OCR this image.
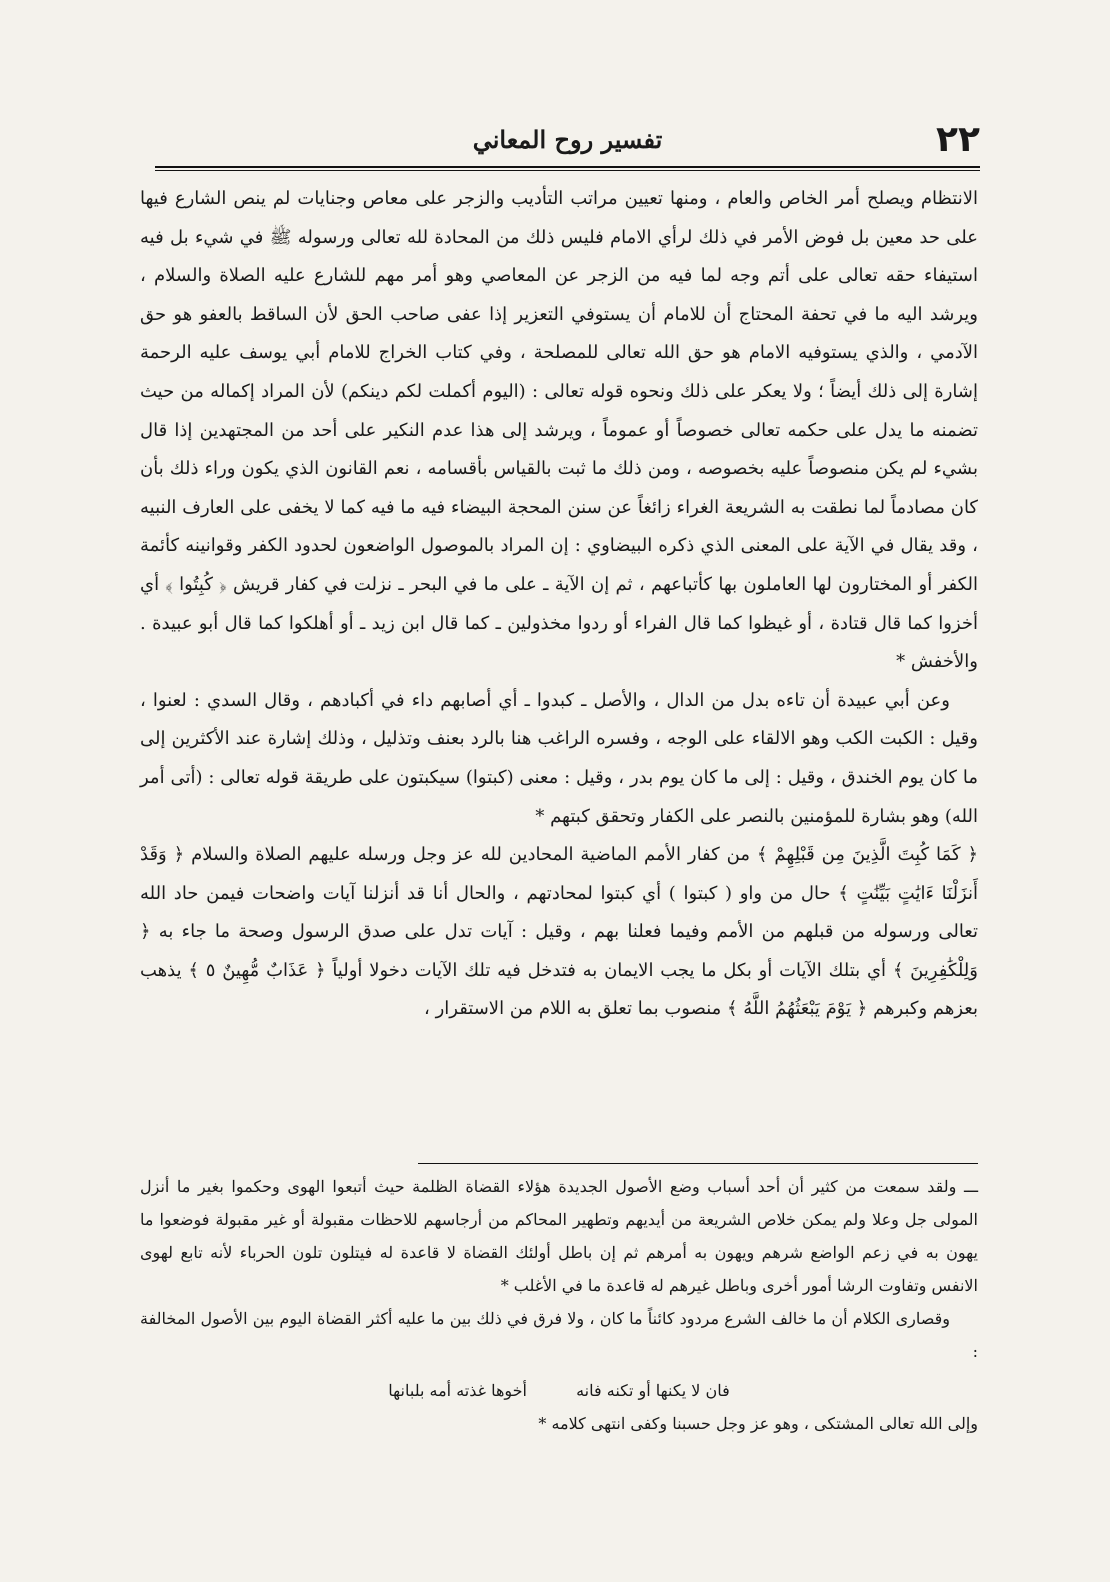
٢٢
تفسير روح المعاني

الانتظام ويصلح أمر الخاص والعام ، ومنها تعيين مراتب التأديب والزجر على معاص وجنايات لم ينص الشارع فيها على حد معين بل فوض الأمر في ذلك لرأي الامام فليس ذلك من المحادة لله تعالى ورسوله ﷺ في شيء بل فيه استيفاء حقه تعالى على أتم وجه لما فيه من الزجر عن المعاصي وهو أمر مهم للشارع عليه الصلاة والسلام ، ويرشد اليه ما في تحفة المحتاج أن للامام أن يستوفي التعزير إذا عفى صاحب الحق لأن الساقط بالعفو هو حق الآدمي ، والذي يستوفيه الامام هو حق الله تعالى للمصلحة ، وفي كتاب الخراج للامام أبي يوسف عليه الرحمة إشارة إلى ذلك أيضاً ؛ ولا يعكر على ذلك ونحوه قوله تعالى : (اليوم أكملت لكم دينكم) لأن المراد إكماله من حيث تضمنه ما يدل على حكمه تعالى خصوصاً أو عموماً ، ويرشد إلى هذا عدم النكير على أحد من المجتهدين إذا قال بشيء لم يكن منصوصاً عليه بخصوصه ، ومن ذلك ما ثبت بالقياس بأقسامه ، نعم القانون الذي يكون وراء ذلك بأن كان مصادماً لما نطقت به الشريعة الغراء زائغاً عن سنن المحجة البيضاء فيه ما فيه كما لا يخفى على العارف النبيه ، وقد يقال في الآية على المعنى الذي ذكره البيضاوي : إن المراد بالموصول الواضعون لحدود الكفر وقوانينه كأئمة الكفر أو المختارون لها العاملون بها كأتباعهم ، ثم إن الآية ـ على ما في البحر ـ نزلت في كفار قريش ﴿ كُبِتُوا ﴾ أي أخزوا كما قال قتادة ، أو غيظوا كما قال الفراء أو ردوا مخذولين ـ كما قال ابن زيد ـ أو أهلكوا كما قال أبو عبيدة . والأخفش *

وعن أبي عبيدة أن تاءه بدل من الدال ، والأصل ـ كبدوا ـ أي أصابهم داء في أكبادهم ، وقال السدي : لعنوا ، وقيل : الكبت الكب وهو الالقاء على الوجه ، وفسره الراغب هنا بالرد بعنف وتذليل ، وذلك إشارة عند الأكثرين إلى ما كان يوم الخندق ، وقيل : إلى ما كان يوم بدر ، وقيل : معنى (كبتوا) سيكبتون على طريقة قوله تعالى : (أتى أمر الله) وهو بشارة للمؤمنين بالنصر على الكفار وتحقق كبتهم *

﴿ كَمَا كُبِتَ الَّذِينَ مِن قَبْلِهِمْ ﴾ من كفار الأمم الماضية المحادين لله عز وجل ورسله عليهم الصلاة والسلام ﴿ وَقَدْ أَنزَلْنَا ءَايَٰتٍ بَيِّنَٰتٍ ﴾ حال من واو ( كبتوا ) أي كبتوا لمحادتهم ، والحال أنا قد أنزلنا آيات واضحات فيمن حاد الله تعالى ورسوله من قبلهم من الأمم وفيما فعلنا بهم ، وقيل : آيات تدل على صدق الرسول وصحة ما جاء به ﴿ وَلِلْكَٰفِرِينَ ﴾ أي بتلك الآيات أو بكل ما يجب الايمان به فتدخل فيه تلك الآيات دخولا أولياً ﴿ عَذَابٌ مُّهِينٌ ٥ ﴾ يذهب بعزهم وكبرهم ﴿ يَوْمَ يَبْعَثُهُمُ اللَّهُ ﴾ منصوب بما تعلق به اللام من الاستقرار ،

ـــ ولقد سمعت من كثير أن أحد أسباب وضع الأصول الجديدة هؤلاء القضاة الظلمة حيث أتبعوا الهوى وحكموا بغير ما أنزل المولى جل وعلا ولم يمكن خلاص الشريعة من أيديهم وتطهير المحاكم من أرجاسهم للاحظات مقبولة أو غير مقبولة فوضعوا ما يهون به في زعم الواضع شرهم ويهون به أمرهم ثم إن باطل أولئك القضاة لا قاعدة له فيتلون تلون الحرباء لأنه تابع لهوى الانفس وتفاوت الرشا أمور أخرى وباطل غيرهم له قاعدة ما في الأغلب *

وقصارى الكلام أن ما خالف الشرع مردود كائناً ما كان ، ولا فرق في ذلك بين ما عليه أكثر القضاة اليوم بين الأصول المخالفة :

فان لا يكنها أو تكنه فانه أخوها غذته أمه بلبانها

وإلى الله تعالى المشتكى ، وهو عز وجل حسبنا وكفى انتهى كلامه *
